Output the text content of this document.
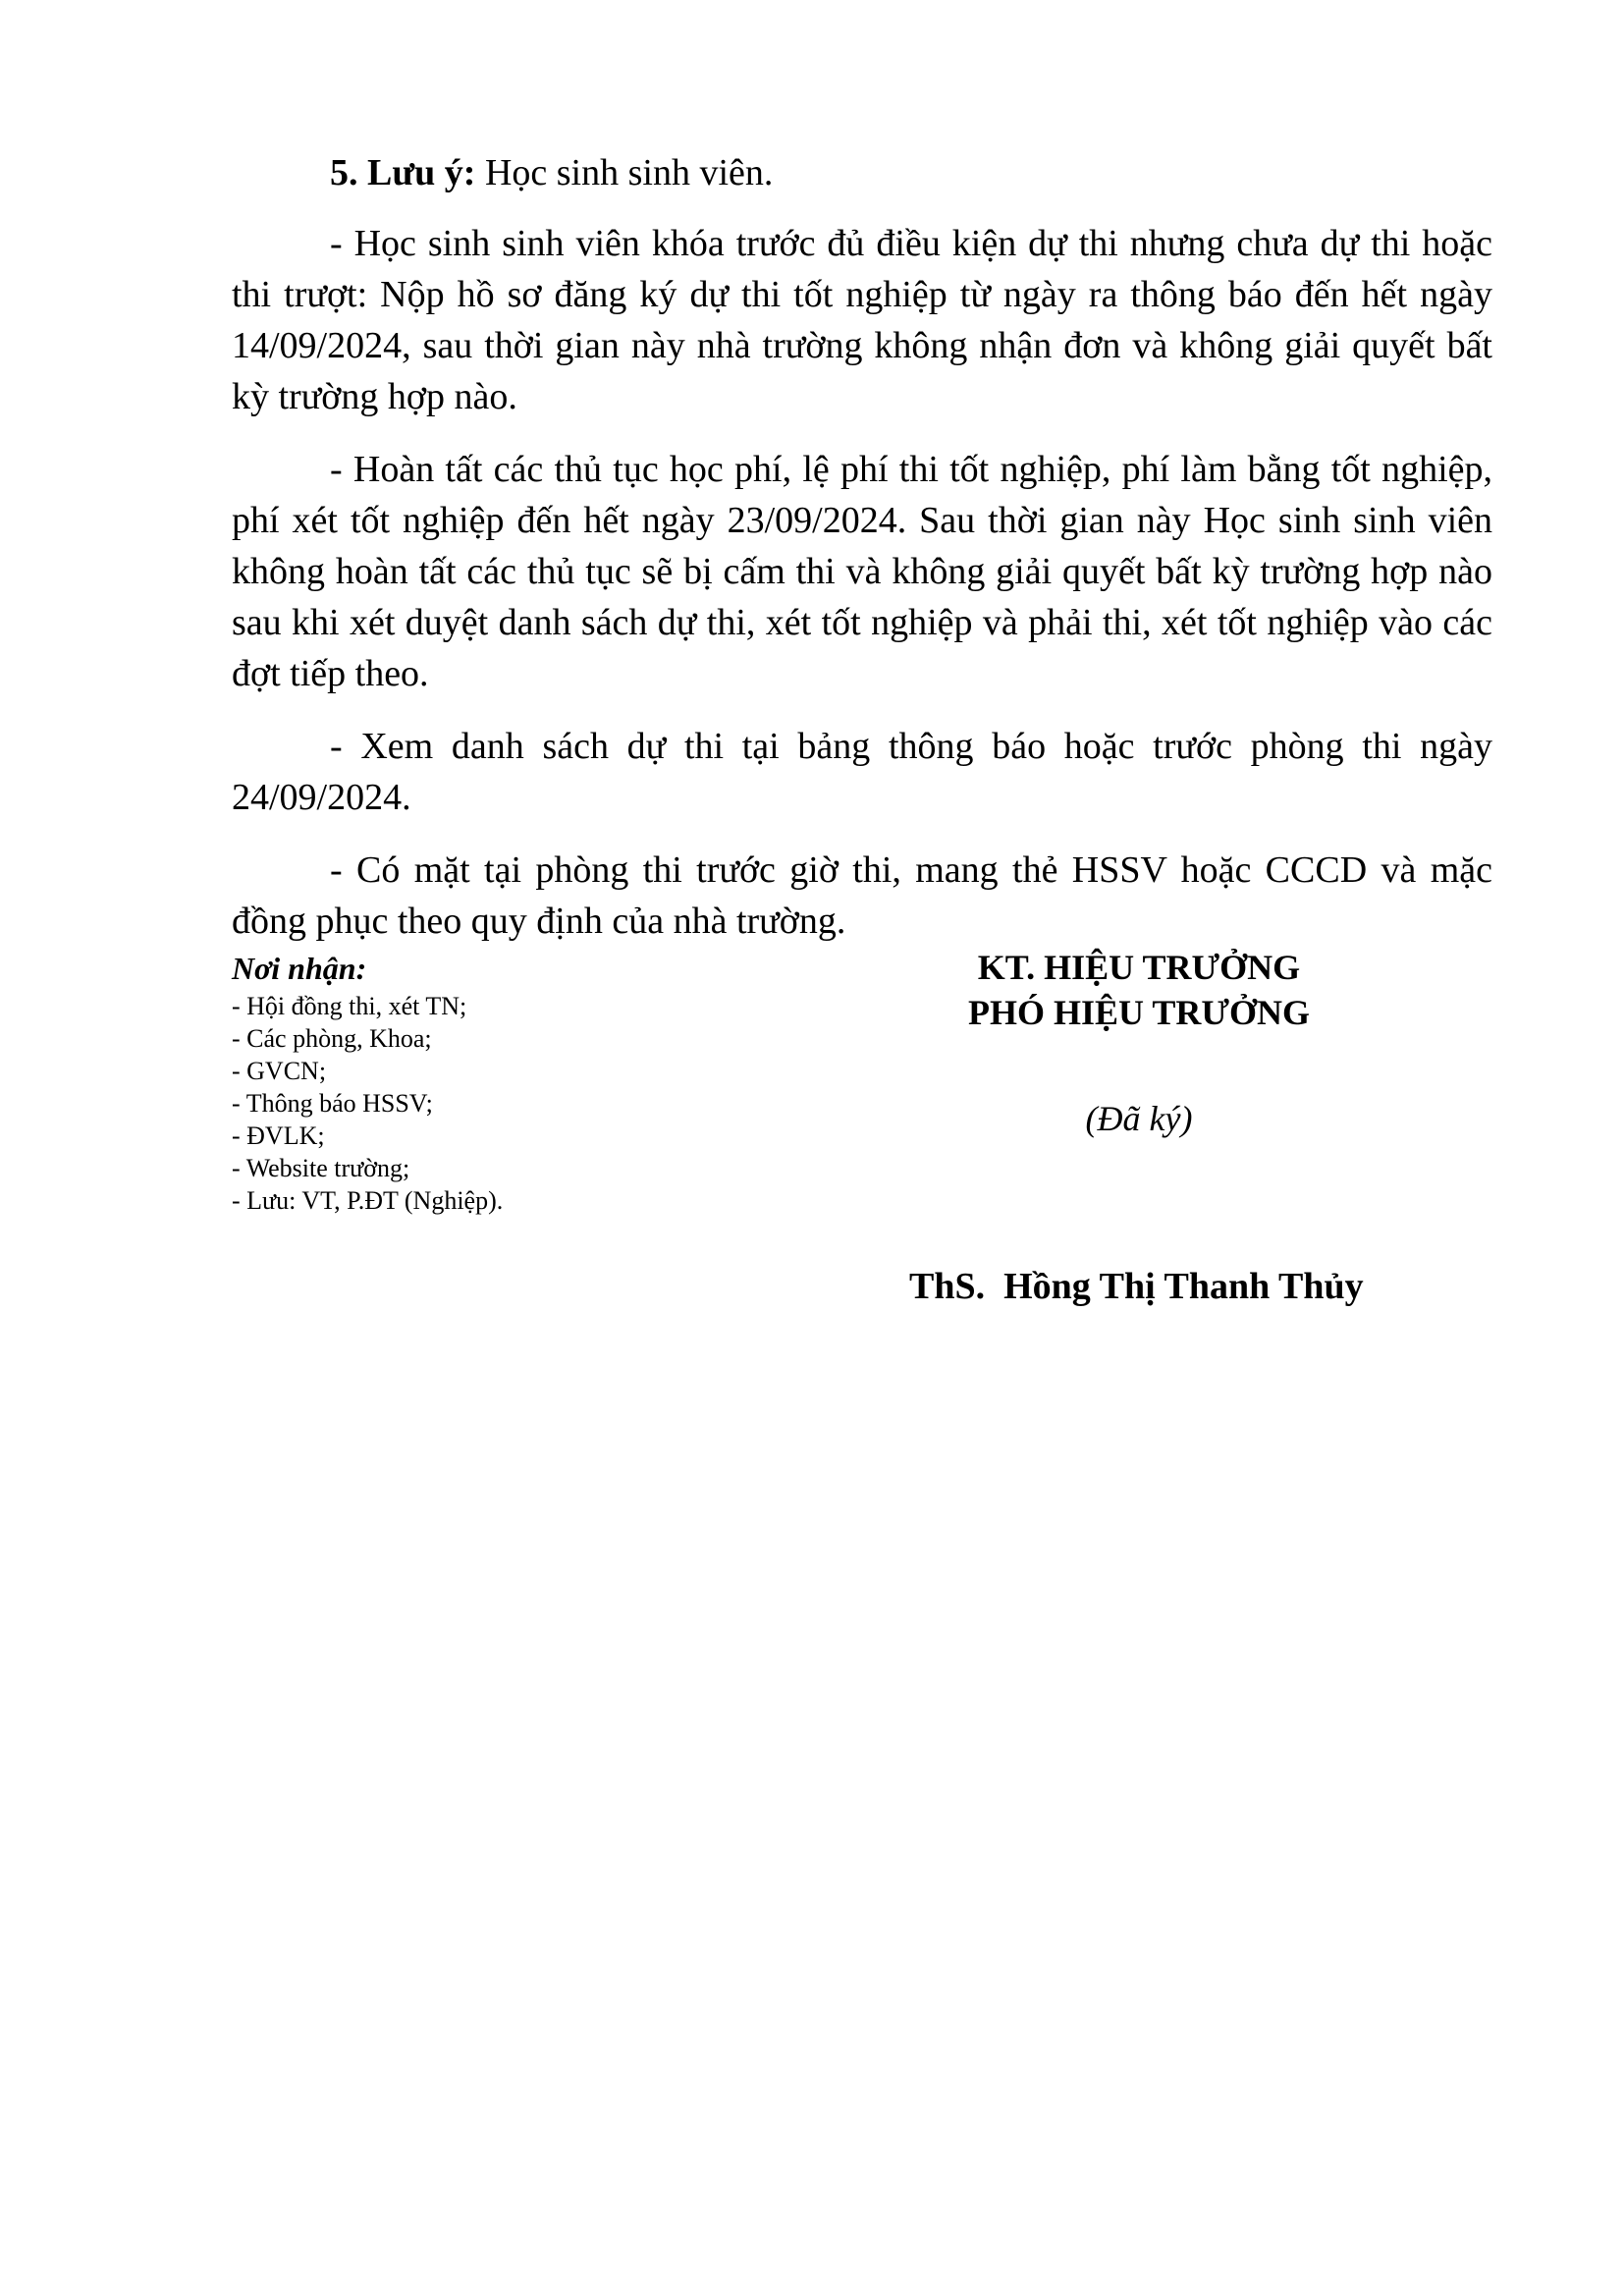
5. Lưu ý: Học sinh sinh viên.

- Học sinh sinh viên khóa trước đủ điều kiện dự thi nhưng chưa dự thi hoặc thi trượt: Nộp hồ sơ đăng ký dự thi tốt nghiệp từ ngày ra thông báo đến hết ngày 14/09/2024, sau thời gian này nhà trường không nhận đơn và không giải quyết bất kỳ trường hợp nào.

- Hoàn tất các thủ tục học phí, lệ phí thi tốt nghiệp, phí làm bằng tốt nghiệp, phí xét tốt nghiệp đến hết ngày 23/09/2024. Sau thời gian này Học sinh sinh viên không hoàn tất các thủ tục sẽ bị cấm thi và không giải quyết bất kỳ trường hợp nào sau khi xét duyệt danh sách dự thi, xét tốt nghiệp và phải thi, xét tốt nghiệp vào các đợt tiếp theo.

- Xem danh sách dự thi tại bảng thông báo hoặc trước phòng thi ngày 24/09/2024.

- Có mặt tại phòng thi trước giờ thi, mang thẻ HSSV hoặc CCCD và mặc đồng phục theo quy định của nhà trường.

Nơi nhận:
- Hội đồng thi, xét TN;
- Các phòng, Khoa;
- GVCN;
- Thông báo HSSV;
- ĐVLK;
- Website trường;
- Lưu: VT, P.ĐT (Nghiệp).
KT. HIỆU TRƯỞNG
PHÓ HIỆU TRƯỞNG
(Đã ký)
ThS.  Hồng Thị Thanh Thủy
